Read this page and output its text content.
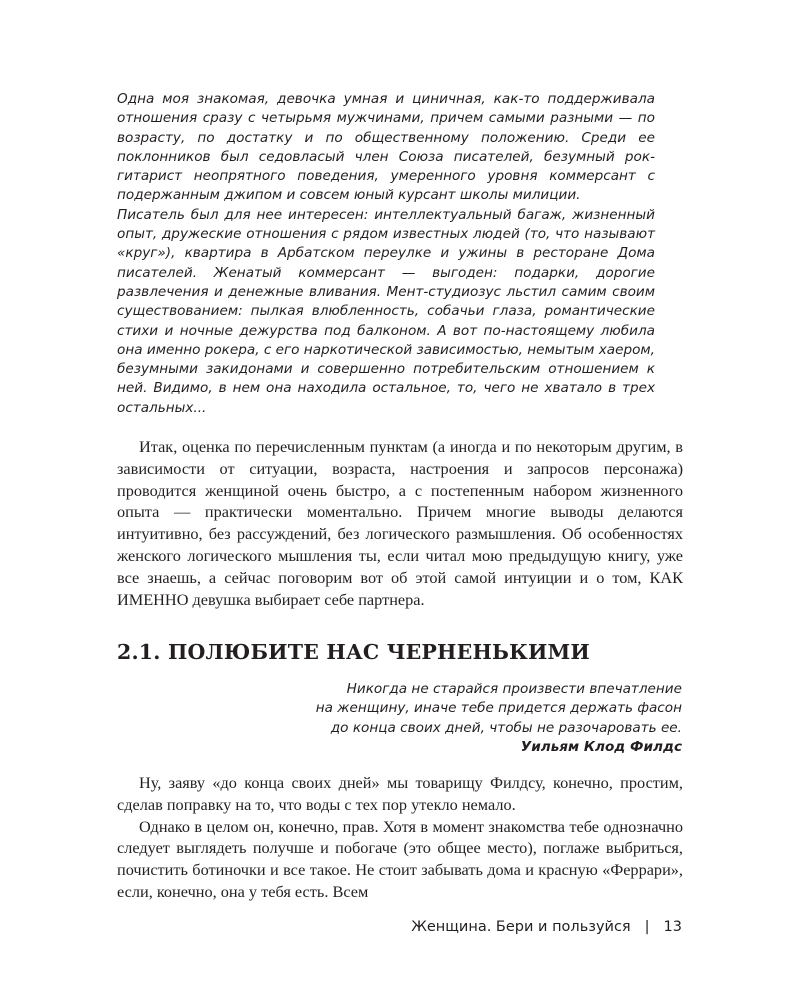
Одна моя знакомая, девочка умная и циничная, как-то поддерживала отношения сразу с четырьмя мужчинами, причем самыми разными — по возрасту, по достатку и по общественному положению. Среди ее поклонников был седовласый член Союза писателей, безумный рок-гитарист неопрятного поведения, умеренного уровня коммерсант с подержанным джипом и совсем юный курсант школы милиции.

Писатель был для нее интересен: интеллектуальный багаж, жизненный опыт, дружеские отношения с рядом известных людей (то, что называют «круг»), квартира в Арбатском переулке и ужины в ресторане Дома писателей. Женатый коммерсант — выгоден: подарки, дорогие развлечения и денежные вливания. Мент-студиозус льстил самим своим существованием: пылкая влюбленность, собачьи глаза, романтические стихи и ночные дежурства под балконом. А вот по-настоящему любила она именно рокера, с его наркотической зависимостью, немытым хаером, безумными закидонами и совершенно потребительским отношением к ней. Видимо, в нем она находила остальное, то, чего не хватало в трех остальных...

Итак, оценка по перечисленным пунктам (а иногда и по некоторым другим, в зависимости от ситуации, возраста, настроения и запросов персонажа) проводится женщиной очень быстро, а с постепенным набором жизненного опыта — практически моментально. Причем многие выводы делаются интуитивно, без рассуждений, без логического размышления. Об особенностях женского логического мышления ты, если читал мою предыдущую книгу, уже все знаешь, а сейчас поговорим вот об этой самой интуиции и о том, КАК ИМЕННО девушка выбирает себе партнера.

2.1. ПОЛЮБИТЕ НАС ЧЕРНЕНЬКИМИ
Никогда не старайся произвести впечатление
на женщину, иначе тебе придется держать фасон
до конца своих дней, чтобы не разочаровать ее.
Уильям Клод Филдс

Ну, заяву «до конца своих дней» мы товарищу Филдсу, конечно, простим, сделав поправку на то, что воды с тех пор утекло немало.

Однако в целом он, конечно, прав. Хотя в момент знакомства тебе однозначно следует выглядеть получше и побогаче (это общее место), поглаже выбриться, почистить ботиночки и все такое. Не стоит забывать дома и красную «Феррари», если, конечно, она у тебя есть. Всем

Женщина. Бери и пользуйся | 13
